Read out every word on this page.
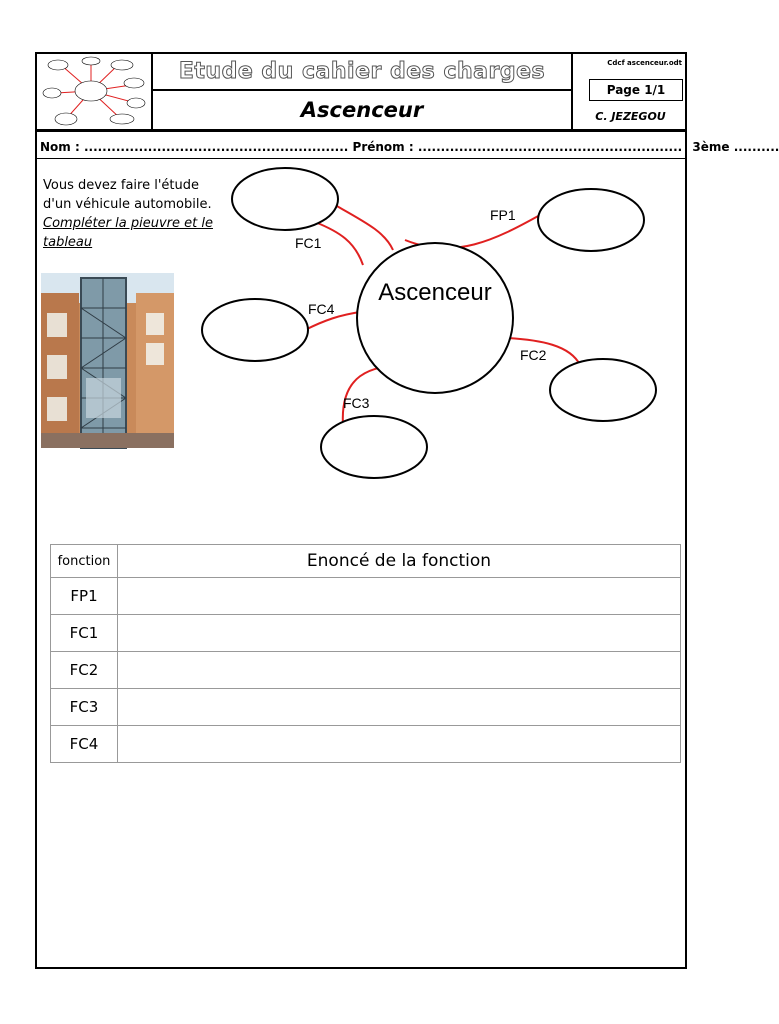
Etude du cahier des charges
Ascenceur
Cdcf ascenceur.odt
Page 1/1
C. JEZEGOU
Nom : .......................................................... Prénom : .......................................................... 3ème ..........
Vous devez faire l'étude d'un véhicule automobile.
Compléter la pieuvre et le tableau
Ascenceur
FP1
FC1
FC2
FC3
FC4
fonction	Enoncé de la fonction
FP1	
FC1	
FC2	
FC3	
FC4	
